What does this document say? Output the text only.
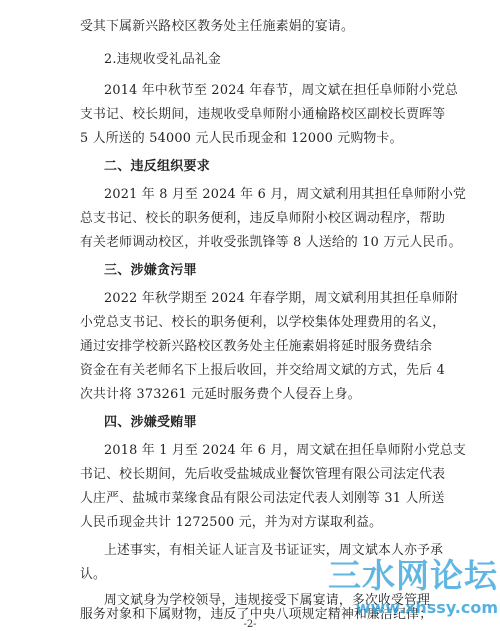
受其下属新兴路校区教务处主任施素娟的宴请。
2.违规收受礼品礼金
2014 年中秋节至 2024 年春节，周文斌在担任阜师附小党总
支书记、校长期间，违规收受阜师附小通榆路校区副校长贾晖等
5 人所送的 54000 元人民币现金和 12000 元购物卡。
二、违反组织要求
2021 年 8 月至 2024 年 6 月，周文斌利用其担任阜师附小党
总支书记、校长的职务便利，违反阜师附小校区调动程序，帮助
有关老师调动校区，并收受张凯锋等 8 人送给的 10 万元人民币。
三、涉嫌贪污罪
2022 年秋学期至 2024 年春学期，周文斌利用其担任阜师附
小党总支书记、校长的职务便利，以学校集体处理费用的名义，
通过安排学校新兴路校区教务处主任施素娟将延时服务费结余
资金在有关老师名下上报后收回，并交给周文斌的方式，先后 4
次共计将 373261 元延时服务费个人侵吞上身。
四、涉嫌受贿罪
2018 年 1 月至 2024 年 6 月，周文斌在担任阜师附小党总支
书记、校长期间，先后收受盐城成业餐饮管理有限公司法定代表
人庄严、盐城市菜缘食品有限公司法定代表人刘刚等 31 人所送
人民币现金共计 1272500 元，并为对方谋取利益。
上述事实，有相关证人证言及书证证实，周文斌本人亦予承
认。
周文斌身为学校领导，违规接受下属宴请，多次收受管理
服务对象和下属财物，违反了中央八项规定精神和廉洁纪律；
-2-
三水网论坛
www.xhssy.com
